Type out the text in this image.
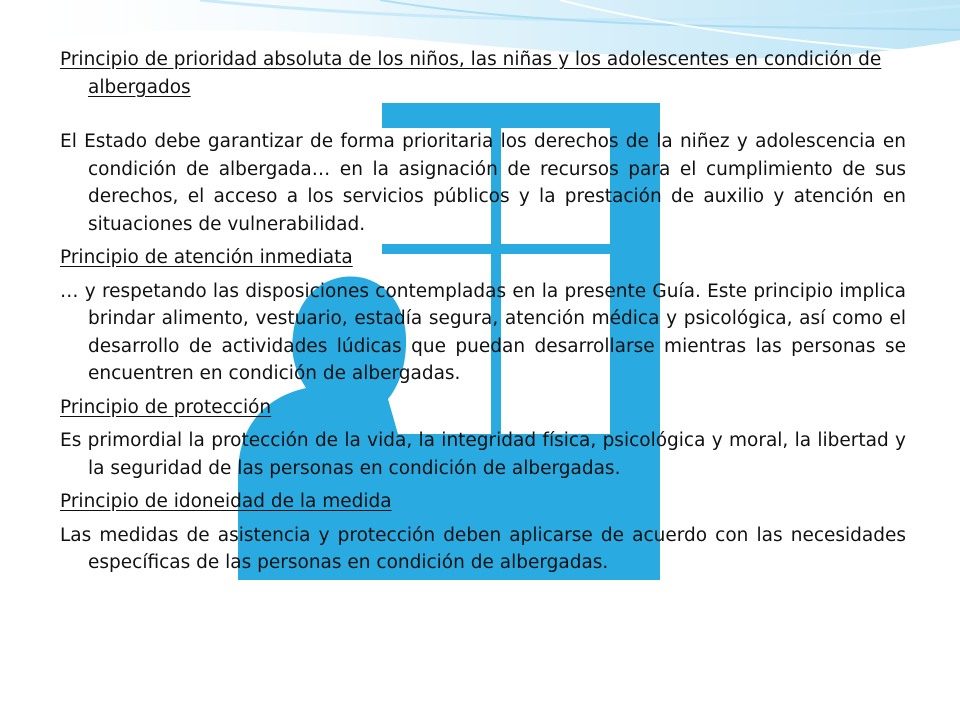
Principio de prioridad absoluta de los niños, las niñas y los adolescentes en condición de albergados

El Estado debe garantizar de forma prioritaria los derechos de la niñez y adolescencia en condición de albergada… en la asignación de recursos para el cumplimiento de sus derechos, el acceso a los servicios públicos y la prestación de auxilio y atención en situaciones de vulnerabilidad.

Principio de atención inmediata

… y respetando las disposiciones contempladas en la presente Guía. Este principio implica brindar alimento, vestuario, estadía segura, atención médica y psicológica, así como el desarrollo de actividades lúdicas que puedan desarrollarse mientras las personas se encuentren en condición de albergadas.

Principio de protección

Es primordial la protección de la vida, la integridad física, psicológica y moral, la libertad y la seguridad de las personas en condición de albergadas.

Principio de idoneidad de la medida

Las medidas de asistencia y protección deben aplicarse de acuerdo con las necesidades específicas de las personas en condición de albergadas.
